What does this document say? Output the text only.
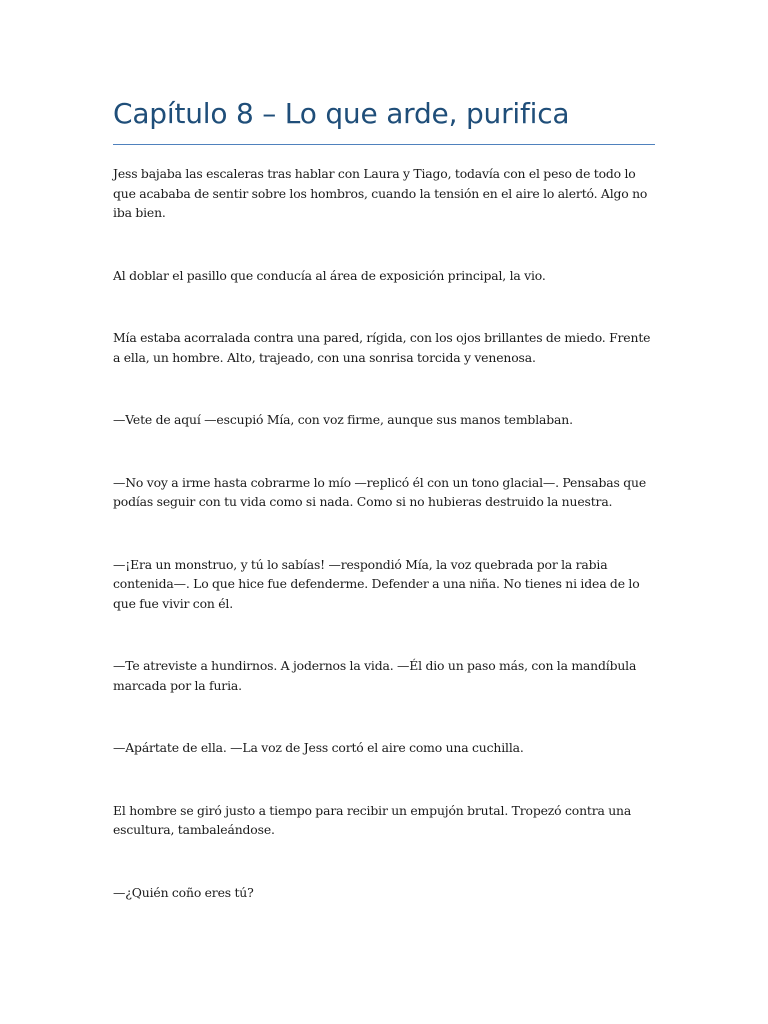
Capítulo 8 – Lo que arde, purifica

Jess bajaba las escaleras tras hablar con Laura y Tiago, todavía con el peso de todo lo que acababa de sentir sobre los hombros, cuando la tensión en el aire lo alertó. Algo no iba bien.

Al doblar el pasillo que conducía al área de exposición principal, la vio.

Mía estaba acorralada contra una pared, rígida, con los ojos brillantes de miedo. Frente a ella, un hombre. Alto, trajeado, con una sonrisa torcida y venenosa.

—Vete de aquí —escupió Mía, con voz firme, aunque sus manos temblaban.

—No voy a irme hasta cobrarme lo mío —replicó él con un tono glacial—. Pensabas que podías seguir con tu vida como si nada. Como si no hubieras destruido la nuestra.

—¡Era un monstruo, y tú lo sabías! —respondió Mía, la voz quebrada por la rabia contenida—. Lo que hice fue defenderme. Defender a una niña. No tienes ni idea de lo que fue vivir con él.

—Te atreviste a hundirnos. A jodernos la vida. —Él dio un paso más, con la mandíbula marcada por la furia.

—Apártate de ella. —La voz de Jess cortó el aire como una cuchilla.

El hombre se giró justo a tiempo para recibir un empujón brutal. Tropezó contra una escultura, tambaleándose.

—¿Quién coño eres tú?
